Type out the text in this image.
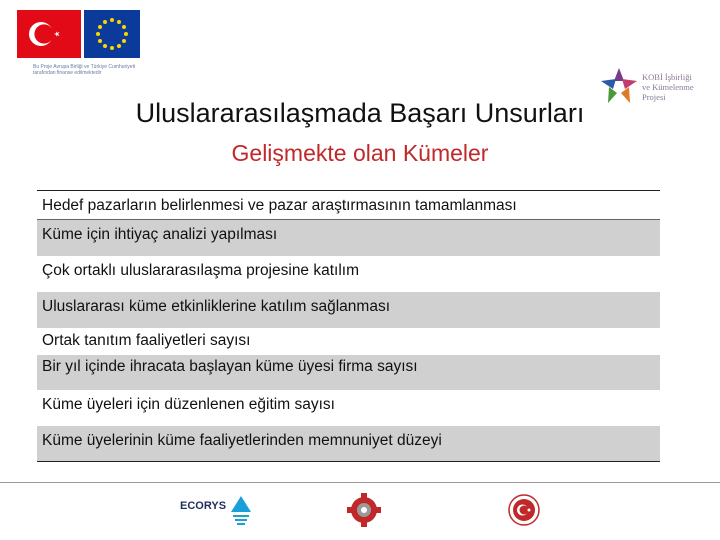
Bu Proje Avrupa Birliği ve Türkiye Cumhuriyeti tarafından finanse edilmektedir	KOBİ İşbirliği
ve Kümelenme
Projesi
Uluslararasılaşmada Başarı Unsurları
Gelişmekte olan Kümeler
Hedef pazarların belirlenmesi ve pazar araştırmasının tamamlanması
Küme için ihtiyaç analizi yapılması
Çok ortaklı uluslararasılaşma projesine katılım
Uluslararası küme etkinliklerine katılım sağlanması
Ortak tanıtım faaliyetleri sayısı
Bir yıl içinde ihracata başlayan küme üyesi firma sayısı
Küme üyeleri için düzenlenen eğitim sayısı
Küme üyelerinin küme faaliyetlerinden memnuniyet düzeyi
ECORYS
